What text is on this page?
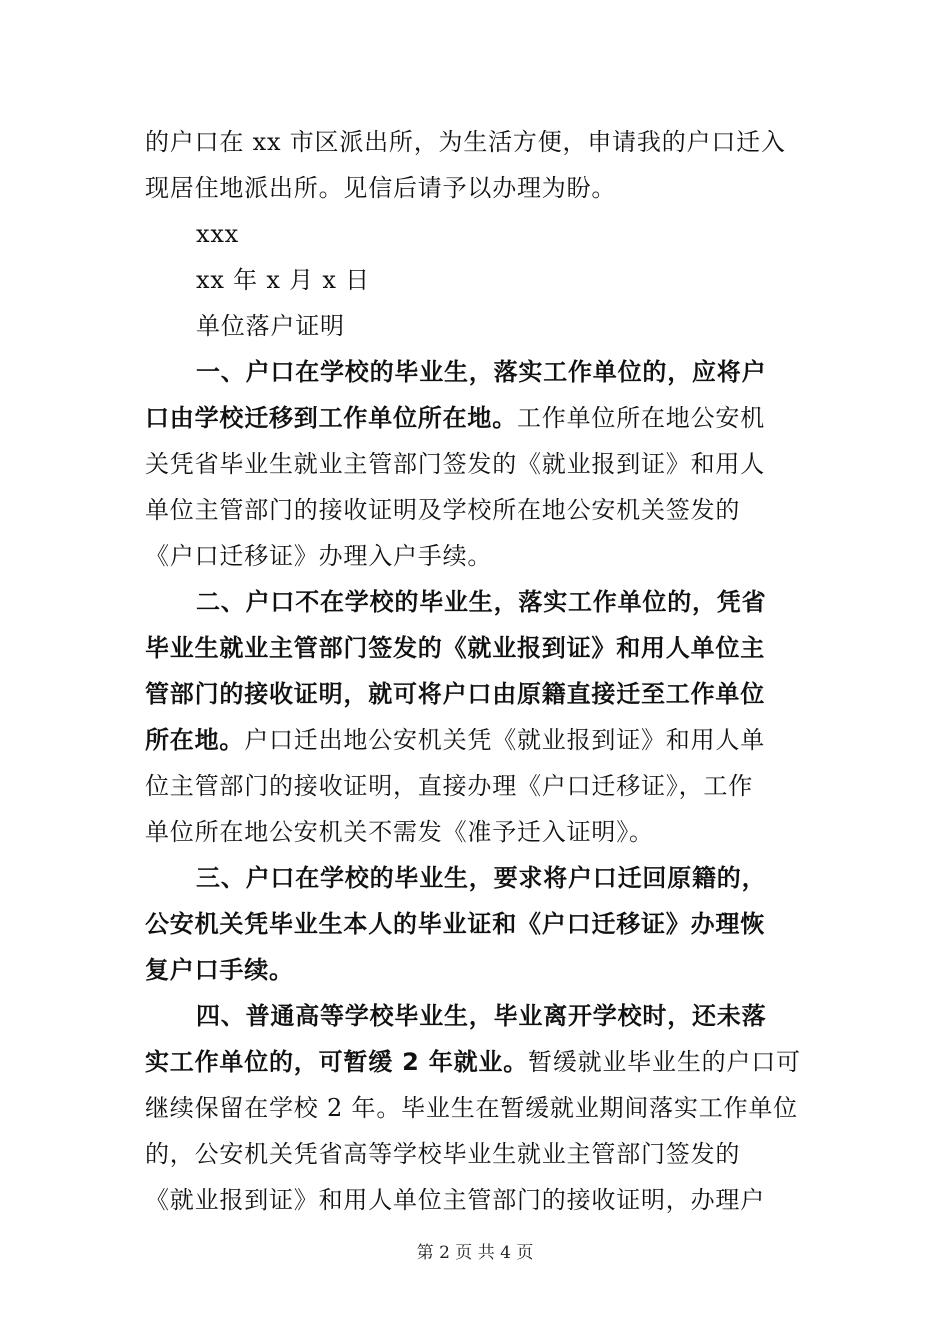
的户口在 xx 市区派出所，为生活方便，申请我的户口迁入
现居住地派出所。见信后请予以办理为盼。
xxx
xx 年 x 月 x 日
单位落户证明
一、户口在学校的毕业生，落实工作单位的，应将户
口由学校迁移到工作单位所在地。工作单位所在地公安机
关凭省毕业生就业主管部门签发的《就业报到证》和用人
单位主管部门的接收证明及学校所在地公安机关签发的
《户口迁移证》办理入户手续。
二、户口不在学校的毕业生，落实工作单位的，凭省
毕业生就业主管部门签发的《就业报到证》和用人单位主
管部门的接收证明，就可将户口由原籍直接迁至工作单位
所在地。户口迁出地公安机关凭《就业报到证》和用人单
位主管部门的接收证明，直接办理《户口迁移证》，工作
单位所在地公安机关不需发《准予迁入证明》。
三、户口在学校的毕业生，要求将户口迁回原籍的，
公安机关凭毕业生本人的毕业证和《户口迁移证》办理恢
复户口手续。
四、普通高等学校毕业生，毕业离开学校时，还未落
实工作单位的，可暂缓 2 年就业。暂缓就业毕业生的户口可
继续保留在学校 2 年。毕业生在暂缓就业期间落实工作单位
的，公安机关凭省高等学校毕业生就业主管部门签发的
《就业报到证》和用人单位主管部门的接收证明，办理户
第 2 页 共 4 页
